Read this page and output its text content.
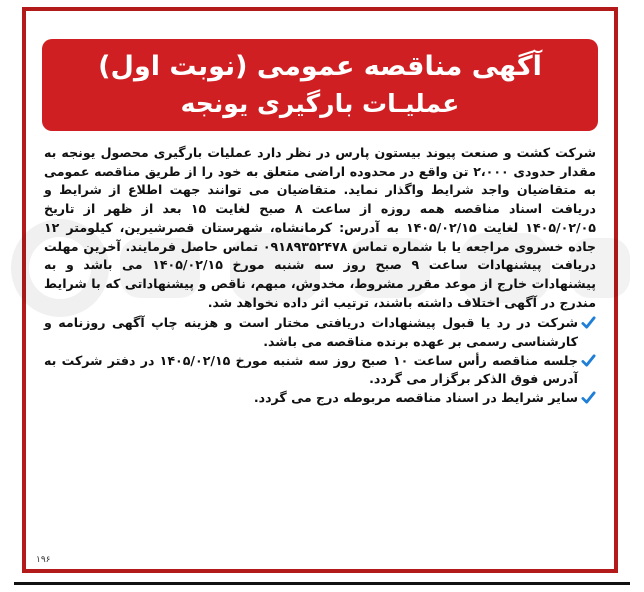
آگهی مناقصه عمومی (نوبت اول)
عملیـات بارگیری یونجه

شرکت کشت و صنعت پیوند بیستون پارس در نظر دارد عملیات بارگیری محصول یونجه به مقدار حدودی ۲،۰۰۰ تن واقع در محدوده اراضی متعلق به خود را از طریق مناقصه عمومی به متقاضیان واجد شرایط واگذار نماید. متقاضیان می توانند جهت اطلاع از شرایط و دریافت اسناد مناقصه همه روزه از ساعت ۸ صبح لغایت ۱۵ بعد از ظهر از تاریخ ۱۴۰۵/۰۲/۰۵ لغایت ۱۴۰۵/۰۲/۱۵ به آدرس: کرمانشاه، شهرستان قصرشیرین، کیلومتر ۱۲ جاده خسروی مراجعه یا با شماره تماس ۰۹۱۸۹۳۵۲۴۷۸ تماس حاصل فرمایند. آخرین مهلت دریافت پیشنهادات ساعت ۹ صبح روز سه شنبه مورخ ۱۴۰۵/۰۲/۱۵ می باشد و به پیشنهادات خارج از موعد مقرر مشروط، مخدوش، مبهم، ناقص و پیشنهاداتی که با شرایط مندرج در آگهی اختلاف داشته باشند، ترتیب اثر داده نخواهد شد.

شرکت در رد یا قبول پیشنهادات دریافتی مختار است و هزینه چاپ آگهی روزنامه و کارشناسی رسمی بر عهده برنده مناقصه می باشد.
جلسه مناقصه رأس ساعت ۱۰ صبح روز سه شنبه مورخ ۱۴۰۵/۰۲/۱۵ در دفتر شرکت به آدرس فوق الذکر برگزار می گردد.
سایر شرایط در اسناد مناقصه مربوطه درج می گردد.
۱۹۶
